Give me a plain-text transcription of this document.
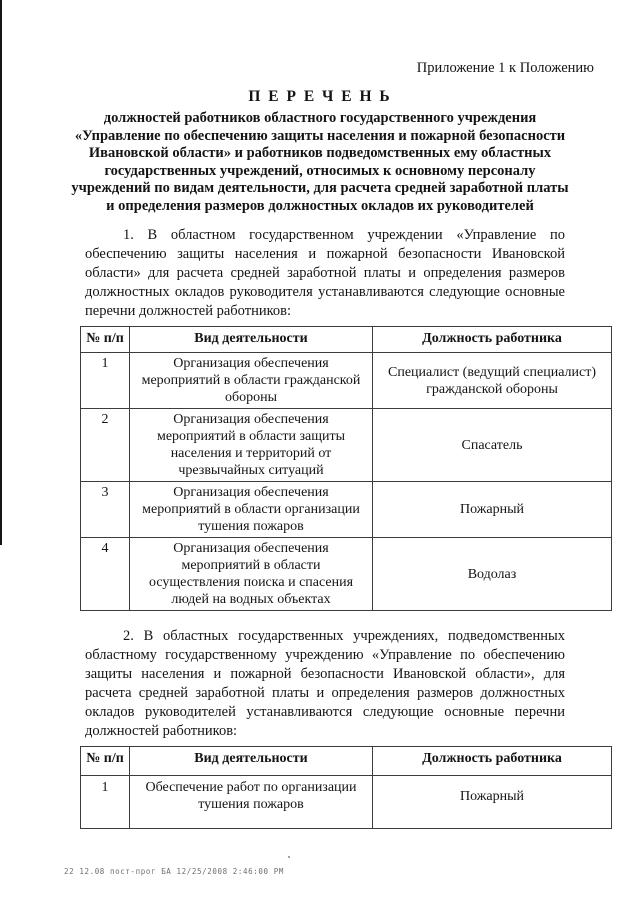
Приложение 1 к Положению
П Е Р Е Ч Е Н Ь
должностей работников областного государственного учреждения
«Управление по обеспечению защиты населения и пожарной безопасности
Ивановской области» и работников подведомственных ему областных
государственных учреждений, относимых к основному персоналу
учреждений по видам деятельности, для расчета средней заработной платы
и определения размеров должностных окладов их руководителей

1. В областном государственном учреждении «Управление по обеспечению защиты населения и пожарной безопасности Ивановской области» для расчета средней заработной платы и определения размеров должностных окладов руководителя устанавливаются следующие основные перечни должностей работников:

№ п/п	Вид деятельности	Должность работника
1	Организация обеспечения мероприятий в области гражданской обороны	Специалист (ведущий специалист) гражданской обороны
2	Организация обеспечения мероприятий в области защиты населения и территорий от чрезвычайных ситуаций	Спасатель
3	Организация обеспечения мероприятий в области организации тушения пожаров	Пожарный
4	Организация обеспечения мероприятий в области осуществления поиска и спасения людей на водных объектах	Водолаз

2. В областных государственных учреждениях, подведомственных областному государственному учреждению «Управление по обеспечению защиты населения и пожарной безопасности Ивановской области», для расчета средней заработной платы и определения размеров должностных окладов руководителей устанавливаются следующие основные перечни должностей работников:

№ п/п	Вид деятельности	Должность работника
1	Обеспечение работ по организации тушения пожаров	Пожарный
22 12.08 пост-прог БА 12/25/2008 2:46:00 PM
